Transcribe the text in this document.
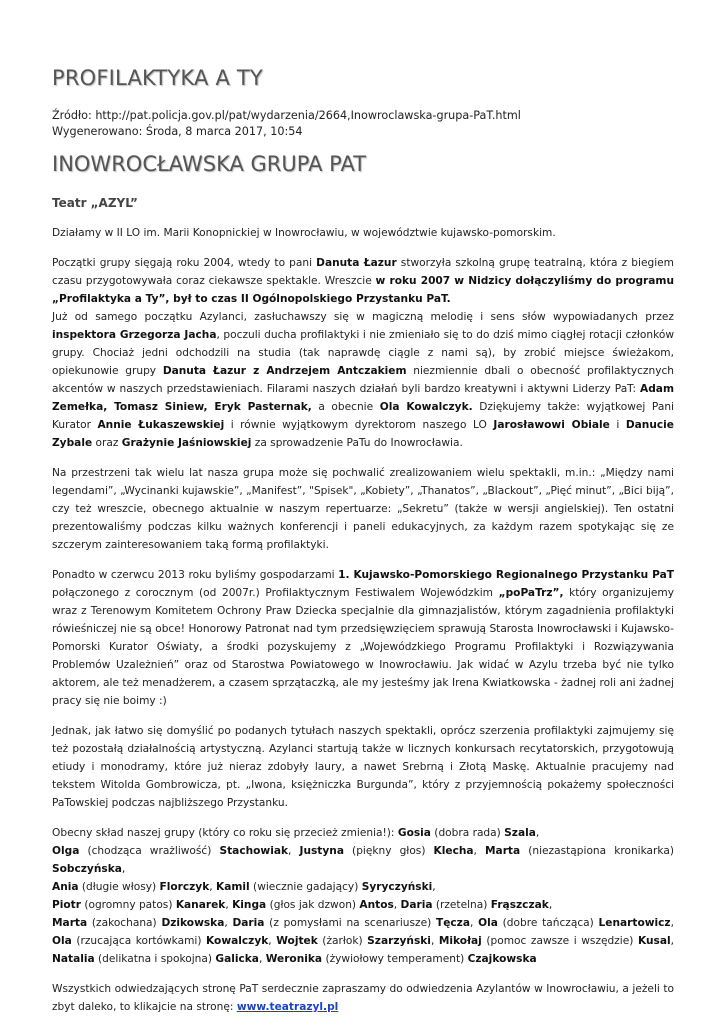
PROFILAKTYKA A TY
Źródło: http://pat.policja.gov.pl/pat/wydarzenia/2664,Inowroclawska-grupa-PaT.html
Wygenerowano: Środa, 8 marca 2017, 10:54
INOWROCŁAWSKA GRUPA PAT
Teatr „AZYL”

Działamy w II LO im. Marii Konopnickiej w Inowrocławiu, w województwie kujawsko-pomorskim.

Początki grupy sięgają roku 2004, wtedy to pani Danuta Łazur stworzyła szkolną grupę teatralną, która z biegiem czasu przygotowywała coraz ciekawsze spektakle. Wreszcie w roku 2007 w Nidzicy dołączyliśmy do programu „Profilaktyka a Ty”, był to czas II Ogólnopolskiego Przystanku PaT.
Już od samego początku Azylanci, zasłuchawszy się w magiczną melodię i sens słów wypowiadanych przez inspektora Grzegorza Jacha, poczuli ducha profilaktyki i nie zmieniało się to do dziś mimo ciągłej rotacji członków grupy. Chociaż jedni odchodzili na studia (tak naprawdę ciągle z nami są), by zrobić miejsce świeżakom, opiekunowie grupy Danuta Łazur z Andrzejem Antczakiem niezmiennie dbali o obecność profilaktycznych akcentów w naszych przedstawieniach. Filarami naszych działań byli bardzo kreatywni i aktywni Liderzy PaT: Adam Zemełka, Tomasz Siniew, Eryk Pasternak, a obecnie Ola Kowalczyk. Dziękujemy także: wyjątkowej Pani Kurator Annie Łukaszewskiej i równie wyjątkowym dyrektorom naszego LO Jarosławowi Obiale i Danucie Zybale oraz Grażynie Jaśniowskiej za sprowadzenie PaTu do Inowrocławia.

Na przestrzeni tak wielu lat nasza grupa może się pochwalić zrealizowaniem wielu spektakli, m.in.: „Między nami legendami”, „Wycinanki kujawskie”, „Manifest”, "Spisek", „Kobiety”, „Thanatos”, „Blackout”, „Pięć minut”, „Bici biją”, czy też wreszcie, obecnego aktualnie w naszym repertuarze: „Sekretu” (także w wersji angielskiej). Ten ostatni prezentowaliśmy podczas kilku ważnych konferencji i paneli edukacyjnych, za każdym razem spotykając się ze szczerym zainteresowaniem taką formą profilaktyki.

Ponadto w czerwcu 2013 roku byliśmy gospodarzami 1. Kujawsko-Pomorskiego Regionalnego Przystanku PaT połączonego z corocznym (od 2007r.) Profilaktycznym Festiwalem Wojewódzkim „poPaTrz”, który organizujemy wraz z Terenowym Komitetem Ochrony Praw Dziecka specjalnie dla gimnazjalistów, którym zagadnienia profilaktyki rówieśniczej nie są obce! Honorowy Patronat nad tym przedsięwzięciem sprawują Starosta Inowrocławski i Kujawsko-Pomorski Kurator Oświaty, a środki pozyskujemy z „Wojewódzkiego Programu Profilaktyki i Rozwiązywania Problemów Uzależnień” oraz od Starostwa Powiatowego w Inowrocławiu. Jak widać w Azylu trzeba być nie tylko aktorem, ale też menadżerem, a czasem sprzątaczką, ale my jesteśmy jak Irena Kwiatkowska - żadnej roli ani żadnej pracy się nie boimy :)

Jednak, jak łatwo się domyślić po podanych tytułach naszych spektakli, oprócz szerzenia profilaktyki zajmujemy się też pozostałą działalnością artystyczną. Azylanci startują także w licznych konkursach recytatorskich, przygotowują etiudy i monodramy, które już nieraz zdobyły laury, a nawet Srebrną i Złotą Maskę. Aktualnie pracujemy nad tekstem Witolda Gombrowicza, pt. „Iwona, księżniczka Burgunda”, który z przyjemnością pokażemy społeczności PaTowskiej podczas najbliższego Przystanku.

Obecny skład naszej grupy (który co roku się przecież zmienia!): Gosia (dobra rada) Szala,
Olga (chodząca wrażliwość) Stachowiak, Justyna (piękny głos) Klecha, Marta (niezastąpiona kronikarka) Sobczyńska,
Ania (długie włosy) Florczyk, Kamil (wiecznie gadający) Syryczyński,
Piotr (ogromny patos) Kanarek, Kinga (głos jak dzwon) Antos, Daria (rzetelna) Frąszczak,
Marta (zakochana) Dzikowska, Daria (z pomysłami na scenariusze) Tęcza, Ola (dobre tańcząca) Lenartowicz, Ola (rzucająca kortówkami) Kowalczyk, Wojtek (żarłok) Szarzyński, Mikołaj (pomoc zawsze i wszędzie) Kusal, Natalia (delikatna i spokojna) Galicka, Weronika (żywiołowy temperament) Czajkowska

Wszystkich odwiedzających stronę PaT serdecznie zapraszamy do odwiedzenia Azylantów w Inowrocławiu, a jeżeli to zbyt daleko, to klikajcie na stronę: www.teatrazyl.pl
